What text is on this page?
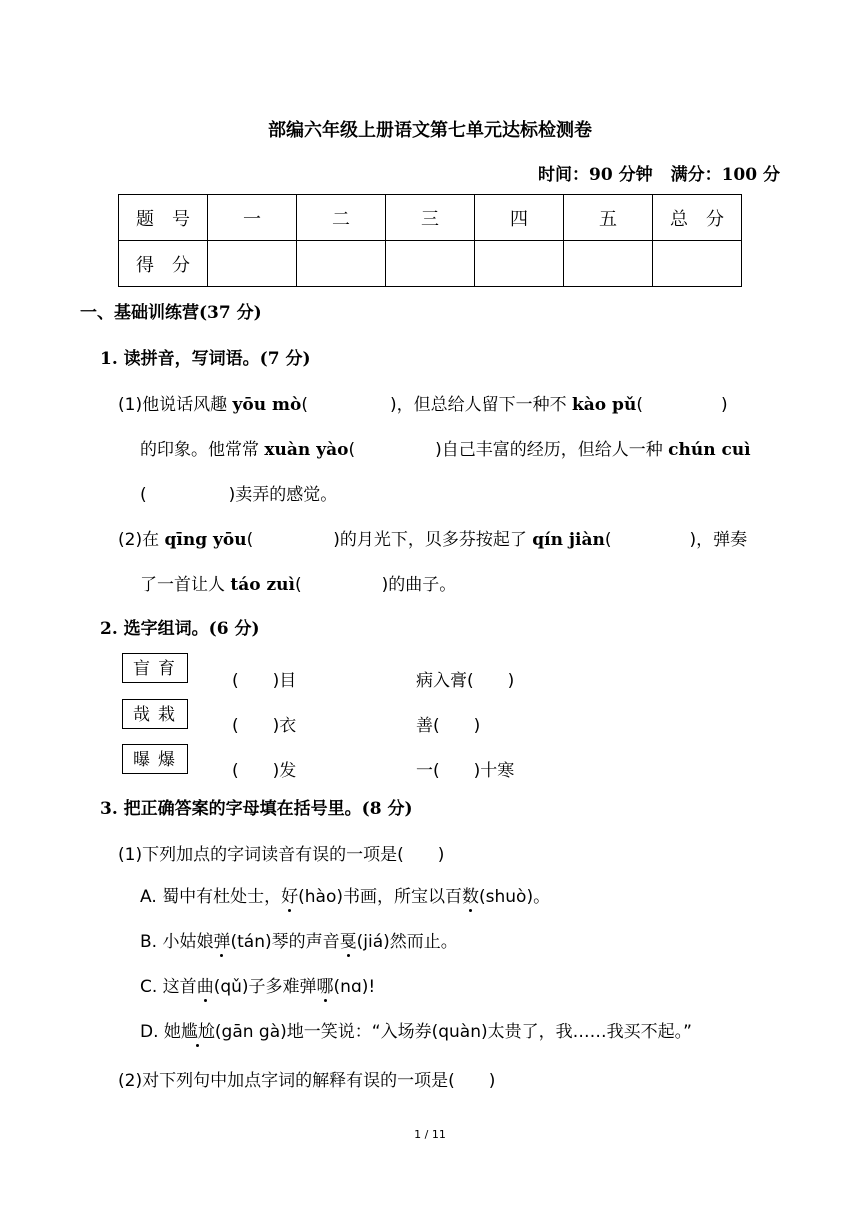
部编六年级上册语文第七单元达标检测卷
时间：90 分钟 满分：100 分
题　号	一	二	三	四	五	总　分
得　分						
一、基础训练营(37 分)
1. 读拼音，写词语。(7 分)
(1)他说话风趣 yōu mò(	)，但总给人留下一种不 kào pǔ(	)
的印象。他常常 xuàn yào(	)自己丰富的经历，但给人一种 chún cuì
(	)卖弄的感觉。
(2)在 qīng yōu(	)的月光下，贝多芬按起了 qín jiàn(	)，弹奏
了一首让人 táo zuì(	)的曲子。
2. 选字组词。(6 分)
盲育
(　　)目	病入膏(　　)
哉栽
(　　)衣	善(　　)
曝爆
(　　)发	一(　　)十寒
3. 把正确答案的字母填在括号里。(8 分)
(1)下列加点的字词读音有误的一项是(　　)
A. 蜀中有杜处士，好(hào)书画，所宝以百数(shuò)。
B. 小姑娘弹(tán)琴的声音戛(jiá)然而止。
C. 这首曲(qǔ)子多难弹哪(nɑ)!
D. 她尴尬(gān gà)地一笑说：“入场券(quàn)太贵了，我……我买不起。”
(2)对下列句中加点字词的解释有误的一项是(　　)
1 / 11
